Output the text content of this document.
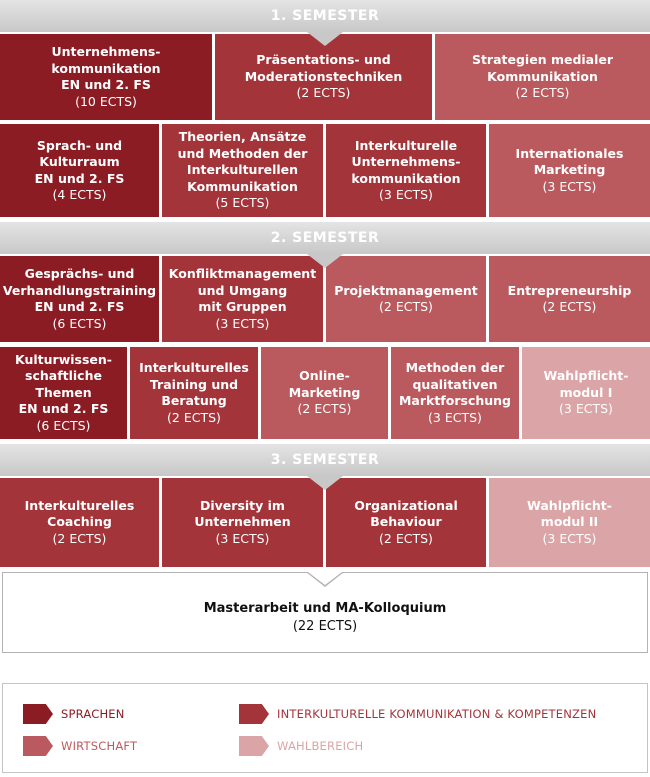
1. SEMESTER
Unternehmens-
kommunikation
EN und 2. FS
(10 ECTS)
Präsentations- und
Moderationstechniken
(2 ECTS)
Strategien medialer
Kommunikation
(2 ECTS)
Sprach- und
Kulturraum
EN und 2. FS
(4 ECTS)
Theorien, Ansätze
und Methoden der
Interkulturellen
Kommunikation
(5 ECTS)
Interkulturelle
Unternehmens-
kommunikation
(3 ECTS)
Internationales
Marketing
(3 ECTS)
2. SEMESTER
Gesprächs- und
Verhandlungstraining
EN und 2. FS
(6 ECTS)
Konfliktmanagement
und Umgang
mit Gruppen
(3 ECTS)
Projektmanagement
(2 ECTS)
Entrepreneurship
(2 ECTS)
Kulturwissen-
schaftliche
Themen
EN und 2. FS
(6 ECTS)
Interkulturelles
Training und
Beratung
(2 ECTS)
Online-
Marketing
(2 ECTS)
Methoden der
qualitativen
Marktforschung
(3 ECTS)
Wahlpflicht-
modul I
(3 ECTS)
3. SEMESTER
Interkulturelles
Coaching
(2 ECTS)
Diversity im
Unternehmen
(3 ECTS)
Organizational
Behaviour
(2 ECTS)
Wahlpflicht-
modul II
(3 ECTS)
Masterarbeit und MA-Kolloquium
(22 ECTS)
SPRACHEN	INTERKULTURELLE KOMMUNIKATION & KOMPETENZEN
WIRTSCHAFT	WAHLBEREICH
